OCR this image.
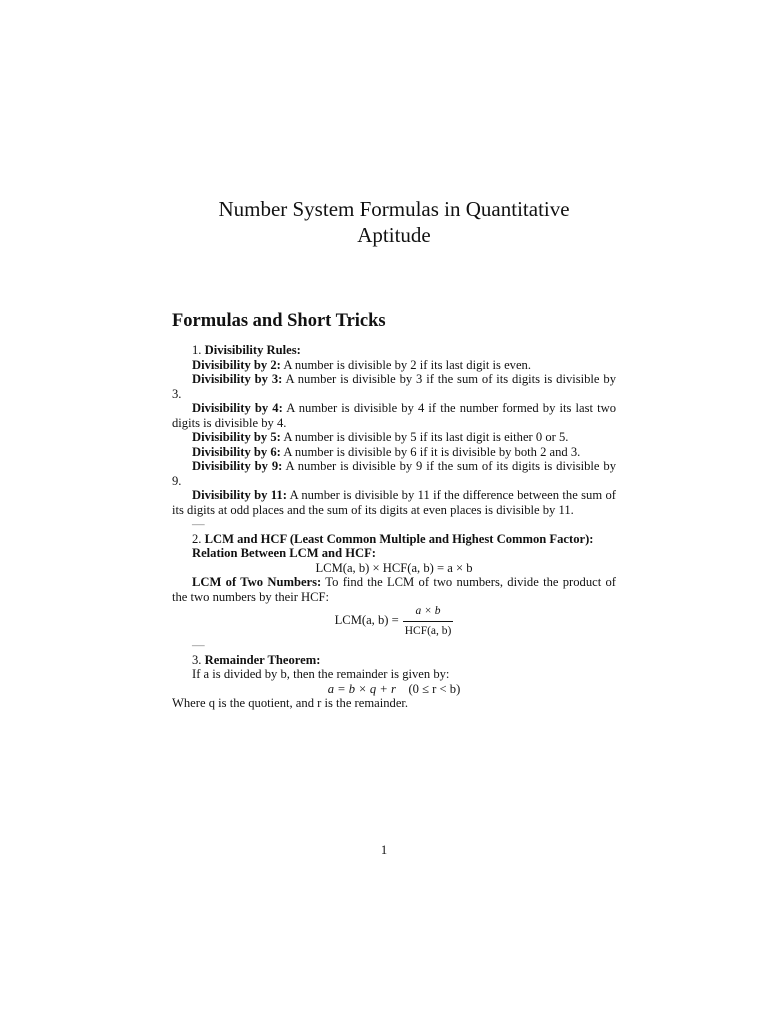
Number System Formulas in Quantitative
Aptitude
Formulas and Short Tricks

1. Divisibility Rules:

Divisibility by 2: A number is divisible by 2 if its last digit is even.

Divisibility by 3: A number is divisible by 3 if the sum of its digits is divisible by 3.

Divisibility by 4: A number is divisible by 4 if the number formed by its last two digits is divisible by 4.

Divisibility by 5: A number is divisible by 5 if its last digit is either 0 or 5.

Divisibility by 6: A number is divisible by 6 if it is divisible by both 2 and 3.

Divisibility by 9: A number is divisible by 9 if the sum of its digits is divisible by 9.

Divisibility by 11: A number is divisible by 11 if the difference between the sum of its digits at odd places and the sum of its digits at even places is divisible by 11.

—

2. LCM and HCF (Least Common Multiple and Highest Common Factor):

Relation Between LCM and HCF:

LCM(a, b) × HCF(a, b) = a × b

LCM of Two Numbers: To find the LCM of two numbers, divide the product of the two numbers by their HCF:

LCM(a, $b) = \frac{a \times b}{\text{HCF(a, b)}}$

—

3. Remainder Theorem:

If a is divided by b, then the remainder is given by:

a = b × q + r (0 ≤ r < b)

Where q is the quotient, and r is the remainder.

1
